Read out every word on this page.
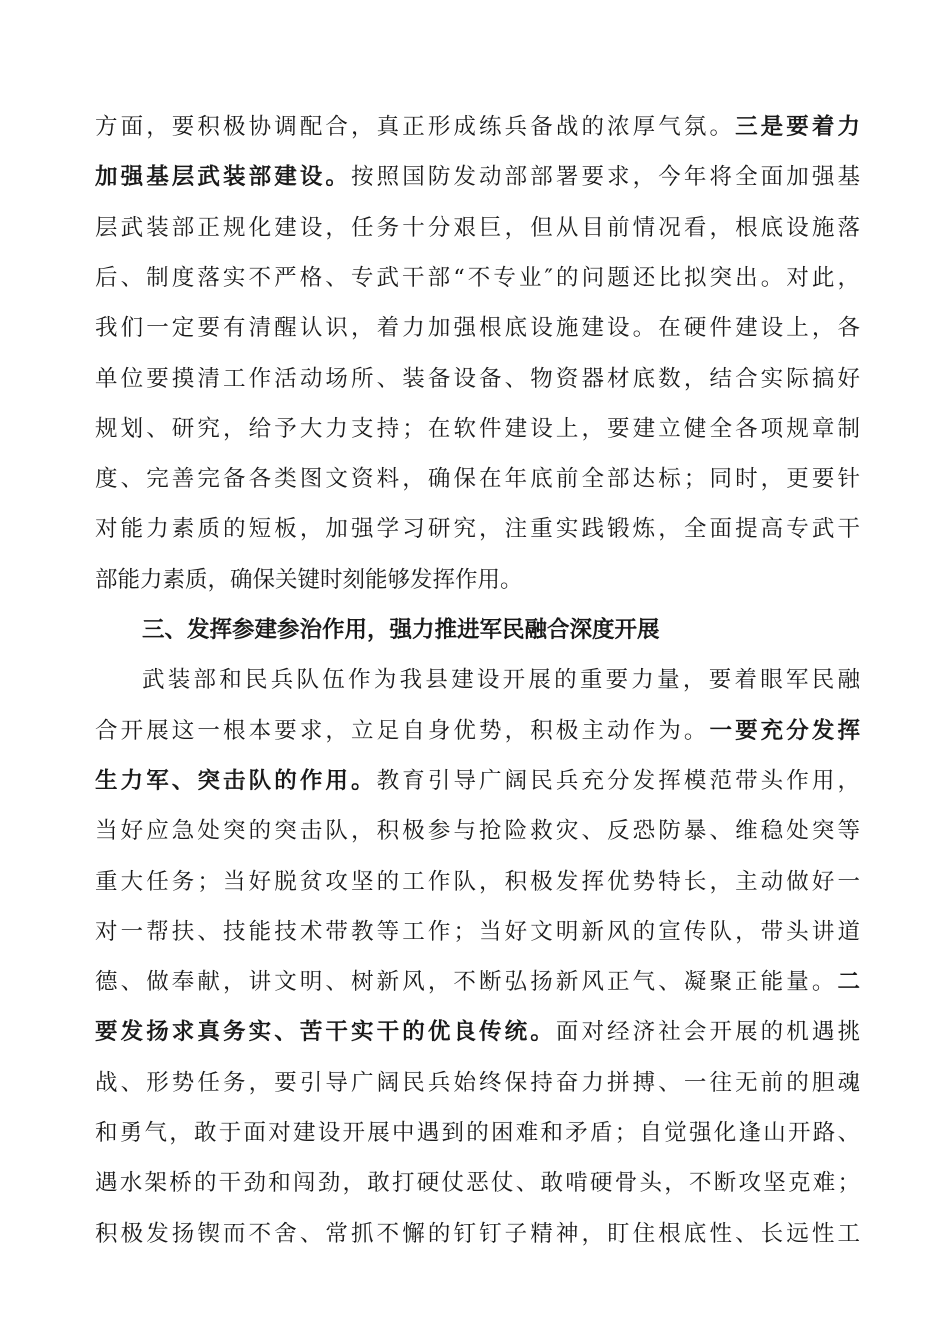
方面，要积极协调配合，真正形成练兵备战的浓厚气氛。三是要着力
加强基层武装部建设。按照国防发动部部署要求，今年将全面加强基
层武装部正规化建设，任务十分艰巨，但从目前情况看，根底设施落
后、制度落实不严格、专武干部“不专业″的问题还比拟突出。对此，
我们一定要有清醒认识，着力加强根底设施建设。在硬件建设上，各
单位要摸清工作活动场所、装备设备、物资器材底数，结合实际搞好
规划、研究，给予大力支持；在软件建设上，要建立健全各项规章制
度、完善完备各类图文资料，确保在年底前全部达标；同时，更要针
对能力素质的短板，加强学习研究，注重实践锻炼，全面提高专武干
部能力素质，确保关键时刻能够发挥作用。
三、发挥参建参治作用，强力推进军民融合深度开展
武装部和民兵队伍作为我县建设开展的重要力量，要着眼军民融
合开展这一根本要求，立足自身优势，积极主动作为。一要充分发挥
生力军、突击队的作用。教育引导广阔民兵充分发挥模范带头作用，
当好应急处突的突击队，积极参与抢险救灾、反恐防暴、维稳处突等
重大任务；当好脱贫攻坚的工作队，积极发挥优势特长，主动做好一
对一帮扶、技能技术带教等工作；当好文明新风的宣传队，带头讲道
德、做奉献，讲文明、树新风，不断弘扬新风正气、凝聚正能量。二
要发扬求真务实、苦干实干的优良传统。面对经济社会开展的机遇挑
战、形势任务，要引导广阔民兵始终保持奋力拼搏、一往无前的胆魂
和勇气，敢于面对建设开展中遇到的困难和矛盾；自觉强化逢山开路、
遇水架桥的干劲和闯劲，敢打硬仗恶仗、敢啃硬骨头，不断攻坚克难；
积极发扬锲而不舍、常抓不懈的钉钉子精神，盯住根底性、长远性工
